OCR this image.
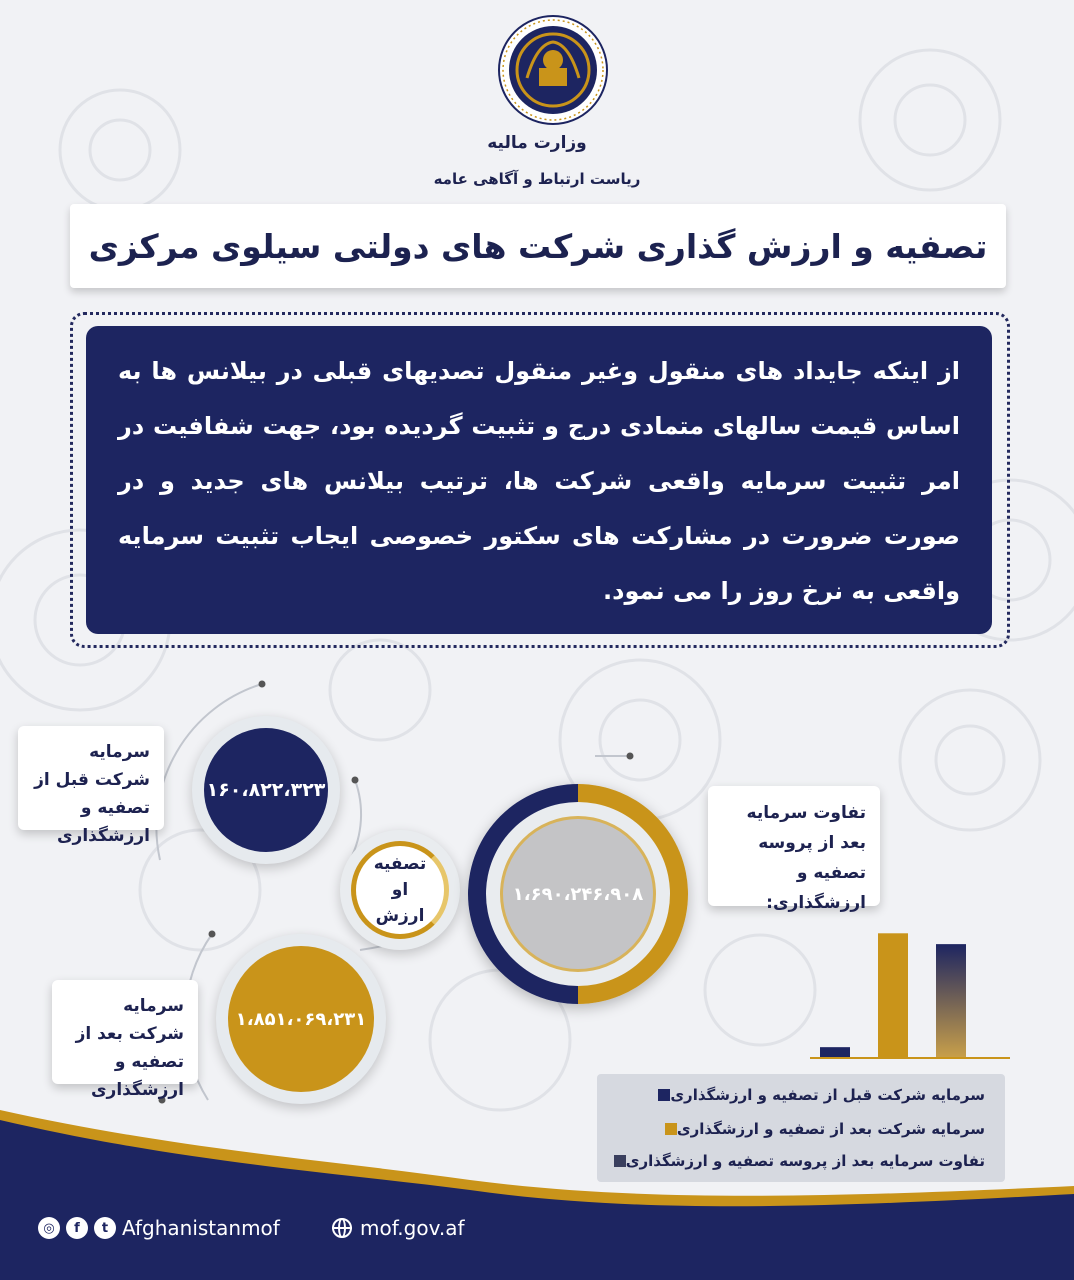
وزارت مالیه
ریاست ارتباط و آگاهی عامه
تصفیه و ارزش گذاری شرکت های دولتی سیلوی مرکزی
از اینکه جایداد های منقول وغیر منقول تصدیهای قبلی در بیلانس ها به اساس قیمت سالهای متمادی درج و تثبیت گردیده بود، جهت شفافیت در امر تثبیت سرمایه واقعی شرکت ها، ترتیب بیلانس های جدید و در صورت ضرورت در مشارکت های سکتور خصوصی ایجاب تثبیت سرمایه واقعی به نرخ روز را می نمود.
۱۶۰،۸۲۲،۳۲۳
تصفیه او ارزش
۱،۸۵۱،۰۶۹،۲۳۱
۱،۶۹۰،۲۴۶،۹۰۸
سرمایه شرکت قبل از تصفیه و ارزشگذاری
سرمایه شرکت بعد از تصفیه و ارزشگذاری
تفاوت سرمایه بعد از پروسه تصفیه و ارزشگذاری:
سرمایه شرکت قبل از تصفیه و ارزشگذاری
سرمایه شرکت بعد از تصفیه و ارزشگذاری
تفاوت سرمایه بعد از پروسه تصفیه و ارزشگذاری
◎	f	t Afghanistanmof	mof.gov.af
